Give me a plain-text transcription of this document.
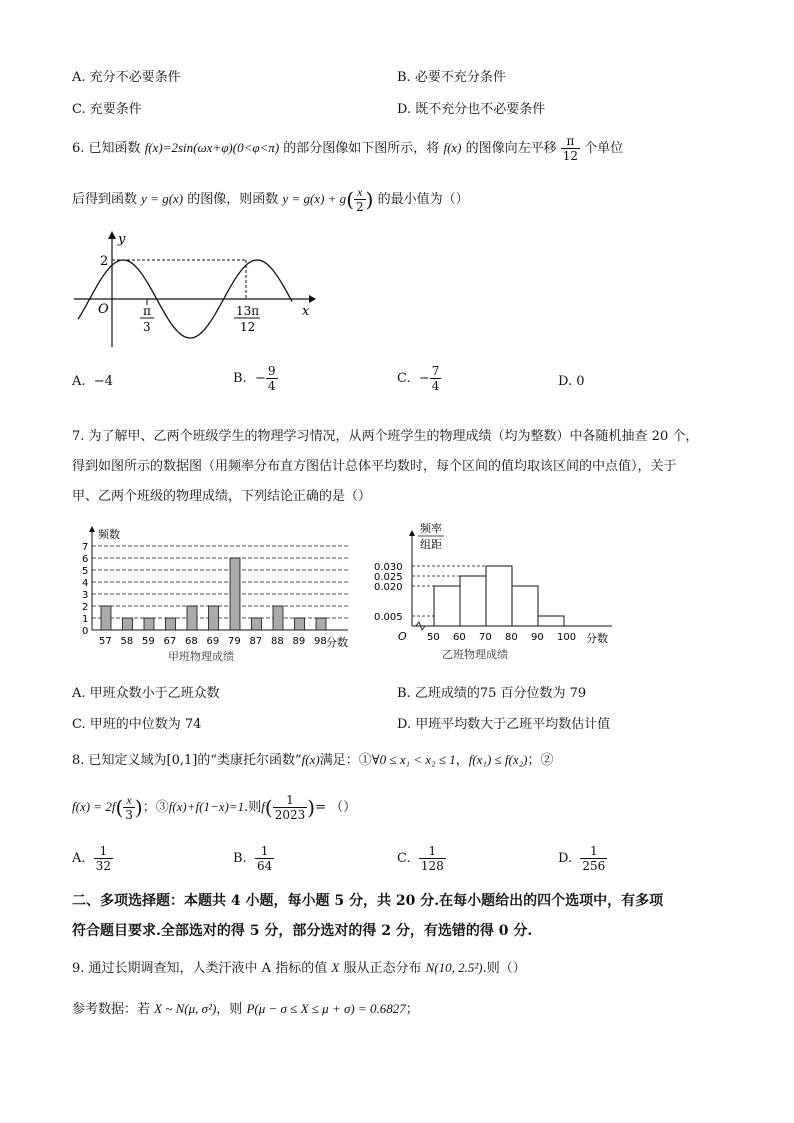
A. 充分不必要条件	B. 必要不充分条件
C. 充要条件	D. 既不充分也不必要条件
6. 已知函数 f(x)=2sin(ωx+φ)(0<φ<π) 的部分图像如下图所示，将 f(x) 的图像向左平移 $\frac{\pi}{12}$ 个单位
后得到函数 y = g(x) 的图像，则函数 $y = g(x) + g( \frac{x}{2}$ ) 的最小值为（）
y
x
O
2
π
3
13π
12
A. −4	B. − $\frac{9}{4}$	C. − $\frac{7}{4}$	D. 0
7. 为了解甲、乙两个班级学生的物理学习情况，从两个班学生的物理成绩（均为整数）中各随机抽查 20 个，
得到如图所示的数据图（用频率分布直方图估计总体平均数时，每个区间的值均取该区间的中点值），关于
甲、乙两个班级的物理成绩，下列结论正确的是（）
频数
0
1
2
3
4
5
6
7
57 58 59 67 68 69 79 87 88 89 98 分数
甲班物理成绩
频率
组距
O
0.030
0.025
0.020
0.005
50 60 70 80 90 100 分数
乙班物理成绩
A. 甲班众数小于乙班众数	B. 乙班成绩的75 百分位数为 79
C. 甲班的中位数为 74	D. 甲班平均数大于乙班平均数估计值
8. 已知定义域为[0,1]的“类康托尔函数”f(x)满足：①∀0 ≤ x₁ < x₂ ≤ 1，f(x₁) ≤ f(x₂)；②
$f(x) = 2f( \frac{x}{3}$ )；③f(x)+f(1−x)=1.则$f( \frac{1}{2023}$ )= （）
A. $\frac{1}{32}$	B. $\frac{1}{64}$	C. $\frac{1}{128}$	D. $\frac{1}{256}$
二、多项选择题：本题共 4 小题，每小题 5 分，共 20 分.在每小题给出的四个选项中，有多项
符合题目要求.全部选对的得 5 分，部分选对的得 2 分，有选错的得 0 分.
9. 通过长期调查知，人类汗液中 A 指标的值 X 服从正态分布 N(10, 2.5²).则（）
参考数据：若 X ~ N(μ, σ²)，则 P(μ − σ ≤ X ≤ μ + σ) = 0.6827；
